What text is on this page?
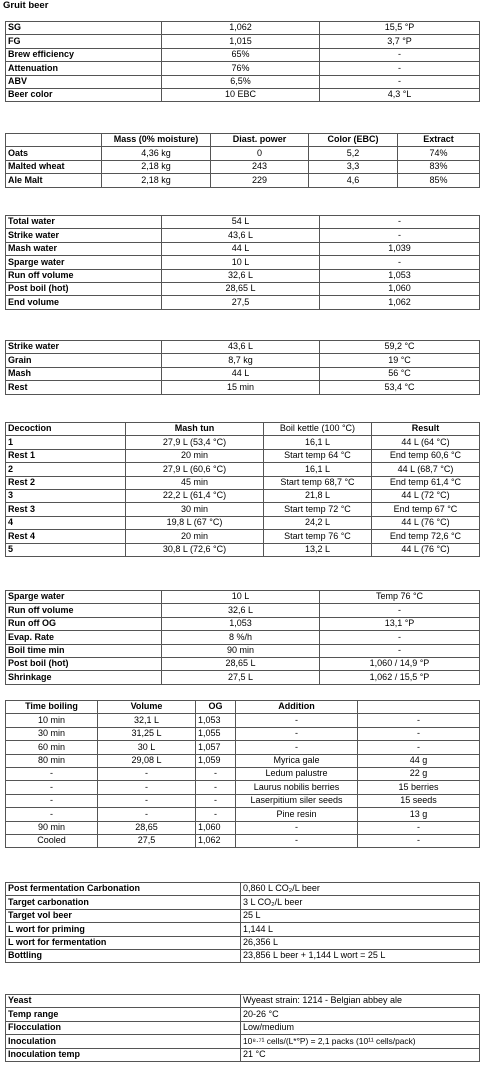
Gruit beer
SG	1,062	15,5 °P
FG	1,015	3,7 °P
Brew efficiency	65%	-
Attenuation	76%	-
ABV	6,5%	-
Beer color	10 EBC	4,3 °L
	Mass (0% moisture)	Diast. power	Color (EBC)	Extract
Oats	4,36 kg	0	5,2	74%
Malted wheat	2,18 kg	243	3,3	83%
Ale Malt	2,18 kg	229	4,6	85%
Total water	54 L	-
Strike water	43,6 L	-
Mash water	44 L	1,039
Sparge water	10 L	-
Run off volume	32,6 L	1,053
Post boil (hot)	28,65 L	1,060
End volume	27,5	1,062
Strike water	43,6 L	59,2 °C
Grain	8,7 kg	19 °C
Mash	44 L	56 °C
Rest	15 min	53,4 °C
Decoction	Mash tun	Boil kettle (100 °C)	Result
1	27,9 L (53,4 °C)	16,1 L	44 L (64 °C)
Rest 1	20 min	Start temp 64 °C	End temp 60,6 °C
2	27,9 L (60,6 °C)	16,1 L	44 L (68,7 °C)
Rest 2	45 min	Start temp 68,7 °C	End temp 61,4 °C
3	22,2 L (61,4 °C)	21,8 L	44 L (72 °C)
Rest 3	30 min	Start temp 72 °C	End temp 67 °C
4	19,8 L (67 °C)	24,2 L	44 L (76 °C)
Rest 4	20 min	Start temp 76 °C	End temp 72,6 °C
5	30,8 L (72,6 °C)	13,2 L	44 L (76 °C)
Sparge water	10 L	Temp 76 °C
Run off volume	32,6 L	-
Run off OG	1,053	13,1 °P
Evap. Rate	8 %/h	-
Boil time min	90 min	-
Post boil (hot)	28,65 L	1,060 / 14,9 °P
Shrinkage	27,5 L	1,062 / 15,5 °P
Time boiling	Volume	OG	Addition	
10 min	32,1 L	1,053	-	-
30 min	31,25 L	1,055	-	-
60 min	30 L	1,057	-	-
80 min	29,08 L	1,059	Myrica gale	44 g
-	-	-	Ledum palustre	22 g
-	-	-	Laurus nobilis berries	15 berries
-	-	-	Laserpitium siler seeds	15 seeds
-	-	-	Pine resin	13 g
90 min	28,65	1,060	-	-
Cooled	27,5	1,062	-	-
Post fermentation Carbonation	0,860 L CO₂/L beer
Target carbonation	3 L CO₂/L beer
Target vol beer	25 L
L wort for priming	1,144 L
L wort for fermentation	26,356 L
Bottling	23,856 L beer + 1,144 L wort = 25 L
Yeast	Wyeast strain: 1214 - Belgian abbey ale
Temp range	20-26 °C
Flocculation	Low/medium
Inoculation	10⁸·⁷¹ cells/(L*°P) = 2,1 packs (10¹¹ cells/pack)
Inoculation temp	21 °C
